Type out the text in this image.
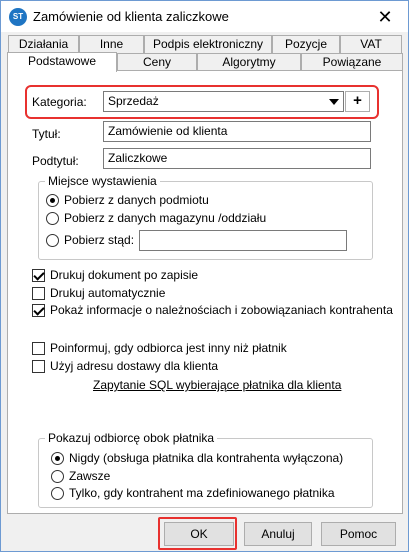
ST Zamówienie od klienta zaliczkowe	✕
Działania	Inne	Podpis elektroniczny	Pozycje	VAT
Podstawowe	Ceny	Algorytmy	Powiązane
Kategoria:	Sprzedaż	+
Tytuł:	Zamówienie od klienta
Podtytuł:	Zaliczkowe
Miejsce wystawienia
Pobierz z danych podmiotu
Pobierz z danych magazynu /oddziału
Pobierz stąd:
Drukuj dokument po zapisie
Drukuj automatycznie
Pokaż informacje o należnościach i zobowiązaniach kontrahenta
Poinformuj, gdy odbiorca jest inny niż płatnik
Użyj adresu dostawy dla klienta
Zapytanie SQL wybierające płatnika dla klienta
Pokazuj odbiorcę obok płatnika
Nigdy (obsługa płatnika dla kontrahenta wyłączona)
Zawsze
Tylko, gdy kontrahent ma zdefiniowanego płatnika
OK	Anuluj	Pomoc
